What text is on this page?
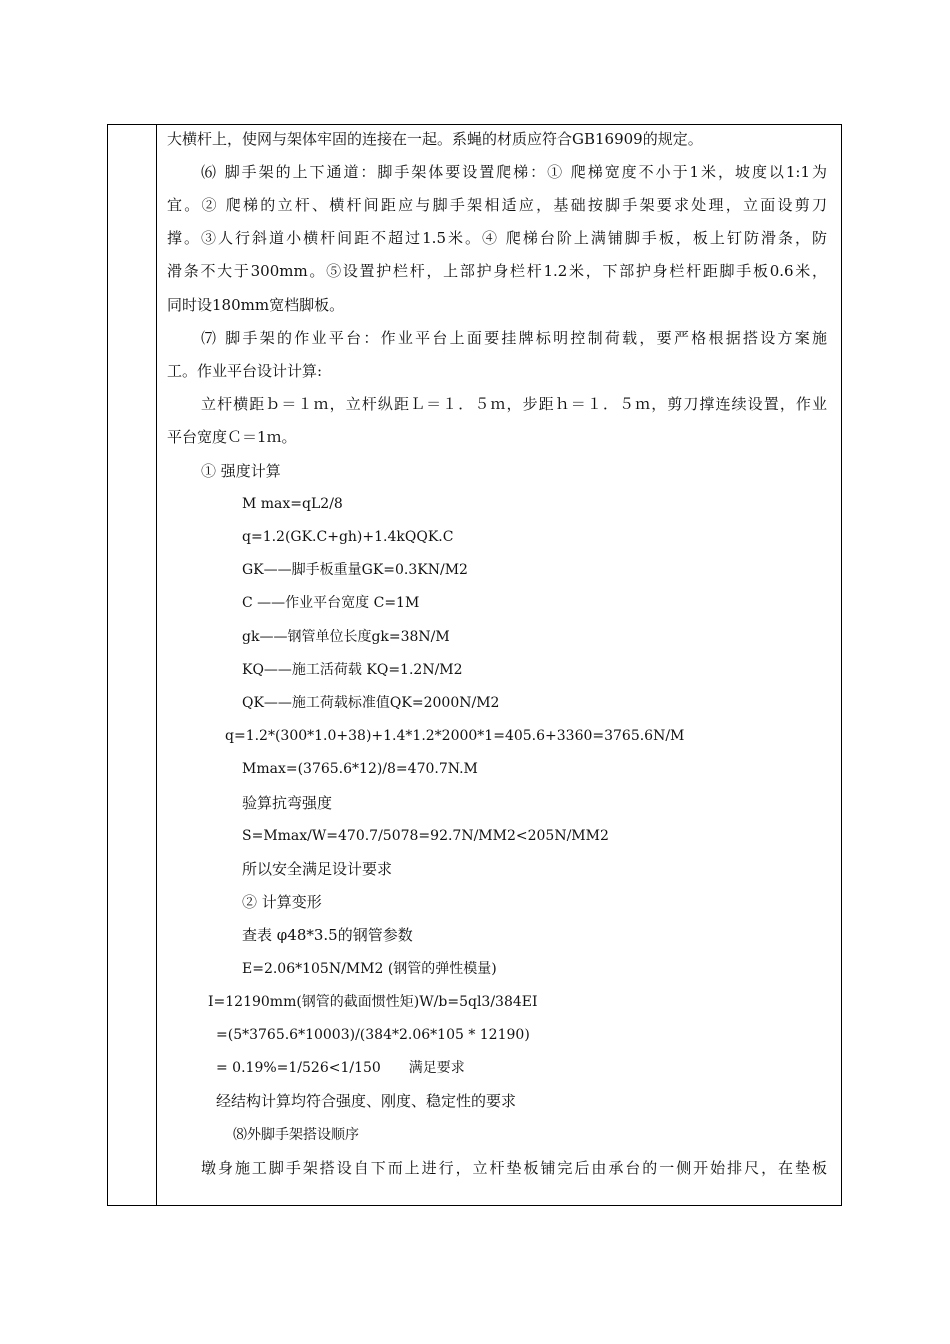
大横杆上，使网与架体牢固的连接在一起。系蝇的材质应符合GB16909的规定。
⑹ 脚手架的上下通道：脚手架体要设置爬梯：① 爬梯宽度不小于1米，坡度以1:1为
宜。② 爬梯的立杆、横杆间距应与脚手架相适应，基础按脚手架要求处理，立面设剪刀
撑。③人行斜道小横杆间距不超过1.5米。④ 爬梯台阶上满铺脚手板，板上钉防滑条，防
滑条不大于300mm。⑤设置护栏杆，上部护身栏杆1.2米，下部护身栏杆距脚手板0.6米，
同时设180mm宽档脚板。
⑺ 脚手架的作业平台：作业平台上面要挂牌标明控制荷载，要严格根据搭设方案施
工。作业平台设计计算:
立杆横距ｂ＝１ｍ，立杆纵距Ｌ＝１．５ｍ，步距ｈ＝１．５ｍ，剪刀撑连续设置，作业
平台宽度Ｃ＝1ｍ。
① 强度计算
M max=qL2/8
q=1.2(GK.C+gh)+1.4kQQK.C
GK——脚手板重量GK=0.3KN/M2
C ——作业平台宽度 C=1M
gk——钢管单位长度gk=38N/M
KQ——施工活荷载 KQ=1.2N/M2
QK——施工荷载标准值QK=2000N/M2
q=1.2*(300*1.0+38)+1.4*1.2*2000*1=405.6+3360=3765.6N/M
Mmax=(3765.6*12)/8=470.7N.M
验算抗弯强度
S=Mmax/W=470.7/5078=92.7N/MM2<205N/MM2
所以安全满足设计要求
② 计算变形
查表 φ48*3.5的钢管参数
E=2.06*105N/MM2 (钢管的弹性模量)
I=12190mm(钢管的截面惯性矩)W/b=5ql3/384EI
=(5*3765.6*10003)/(384*2.06*105 * 12190)
= 0.19%=1/526<1/150　　满足要求
经结构计算均符合强度、刚度、稳定性的要求
⑻外脚手架搭设顺序
墩身施工脚手架搭设自下而上进行，立杆垫板铺完后由承台的一侧开始排尺，在垫板
